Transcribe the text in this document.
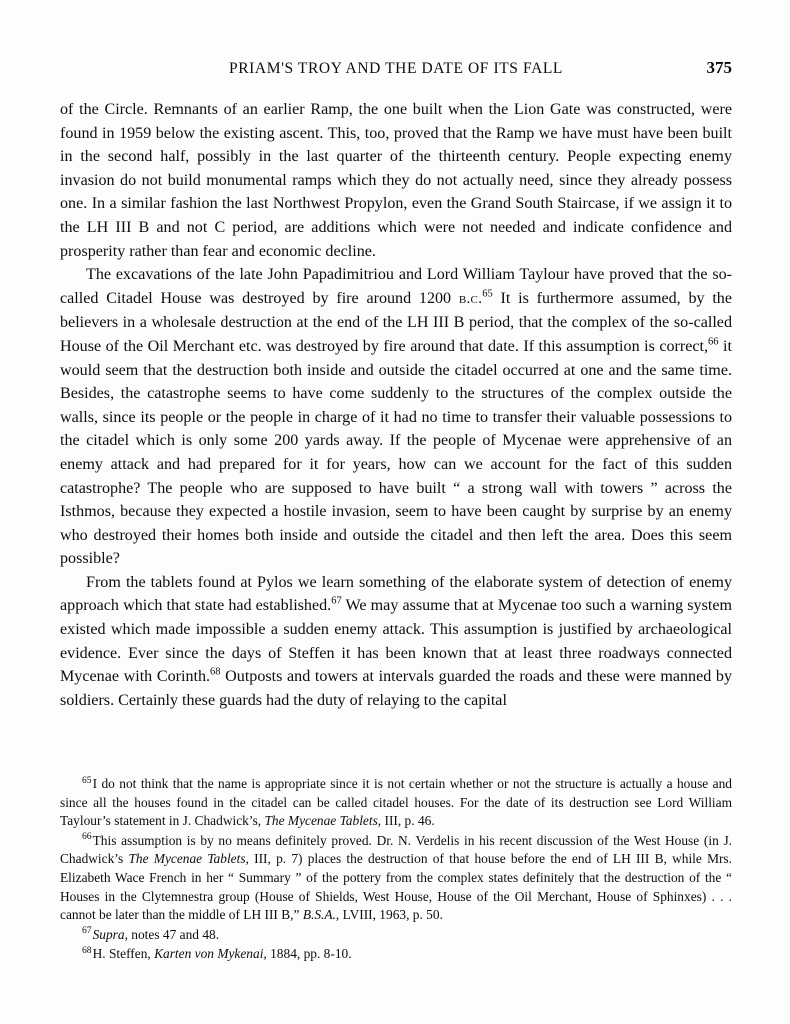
PRIAM'S TROY AND THE DATE OF ITS FALL	375

of the Circle. Remnants of an earlier Ramp, the one built when the Lion Gate was constructed, were found in 1959 below the existing ascent. This, too, proved that the Ramp we have must have been built in the second half, possibly in the last quarter of the thirteenth century. People expecting enemy invasion do not build monumental ramps which they do not actually need, since they already possess one. In a similar fashion the last Northwest Propylon, even the Grand South Staircase, if we assign it to the LH III B and not C period, are additions which were not needed and indicate confidence and prosperity rather than fear and economic decline.

The excavations of the late John Papadimitriou and Lord William Taylour have proved that the so-called Citadel House was destroyed by fire around 1200 b.c.$^{65}$ It is furthermore assumed, by the believers in a wholesale destruction at the end of the LH III B period, that the complex of the so-called House of the Oil Merchant etc. was destroyed by fire around that date. If this assumption is correct,$^{66}$ it would seem that the destruction both inside and outside the citadel occurred at one and the same time. Besides, the catastrophe seems to have come suddenly to the structures of the complex outside the walls, since its people or the people in charge of it had no time to transfer their valuable possessions to the citadel which is only some 200 yards away. If the people of Mycenae were apprehensive of an enemy attack and had prepared for it for years, how can we account for the fact of this sudden catastrophe? The people who are supposed to have built “ a strong wall with towers ” across the Isthmos, because they expected a hostile invasion, seem to have been caught by surprise by an enemy who destroyed their homes both inside and outside the citadel and then left the area. Does this seem possible?

From the tablets found at Pylos we learn something of the elaborate system of detection of enemy approach which that state had established.$^{67}$ We may assume that at Mycenae too such a warning system existed which made impossible a sudden enemy attack. This assumption is justified by archaeological evidence. Ever since the days of Steffen it has been known that at least three roadways connected Mycenae with Corinth.$^{68}$ Outposts and towers at intervals guarded the roads and these were manned by soldiers. Certainly these guards had the duty of relaying to the capital

$^{65}$I do not think that the name is appropriate since it is not certain whether or not the structure is actually a house and since all the houses found in the citadel can be called citadel houses. For the date of its destruction see Lord William Taylour’s statement in J. Chadwick’s, The Mycenae Tablets, III, p. 46.

$^{66}$This assumption is by no means definitely proved. Dr. N. Verdelis in his recent discussion of the West House (in J. Chadwick’s The Mycenae Tablets, III, p. 7) places the destruction of that house before the end of LH III B, while Mrs. Elizabeth Wace French in her “ Summary ” of the pottery from the complex states definitely that the destruction of the “ Houses in the Clytemnestra group (House of Shields, West House, House of the Oil Merchant, House of Sphinxes) . . . cannot be later than the middle of LH III B,” B.S.A., LVIII, 1963, p. 50.

$^{67}$Supra, notes 47 and 48.

$^{68}$H. Steffen, Karten von Mykenai, 1884, pp. 8-10.
